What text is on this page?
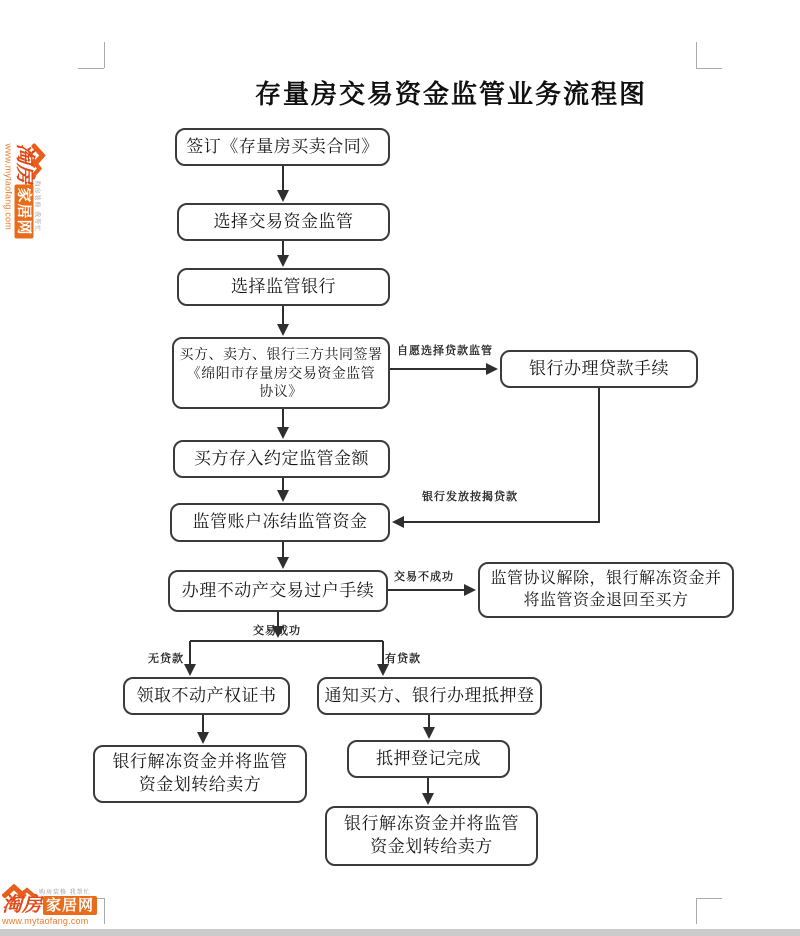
存量房交易资金监管业务流程图
签订《存量房买卖合同》
选择交易资金监管
选择监管银行
买方、卖方、银行三方共同签署
《绵阳市存量房交易资金监管
协议》
银行办理贷款手续
买方存入约定监管金额
监管账户冻结监管资金
办理不动产交易过户手续
监管协议解除，银行解冻资金并
将监管资金退回至买方
领取不动产权证书	通知买方、银行办理抵押登
银行解冻资金并将监管
资金划转给卖方
抵押登记完成
银行解冻资金并将监管
资金划转给卖方
自愿选择贷款监管
银行发放按揭贷款
交易不成功
交易成功
无贷款	有贷款
购房装修 我帮忙
淘房
家居网
www.mytaofang.com
购房装修 我帮忙
淘房 家居网
www.mytaofang.com
